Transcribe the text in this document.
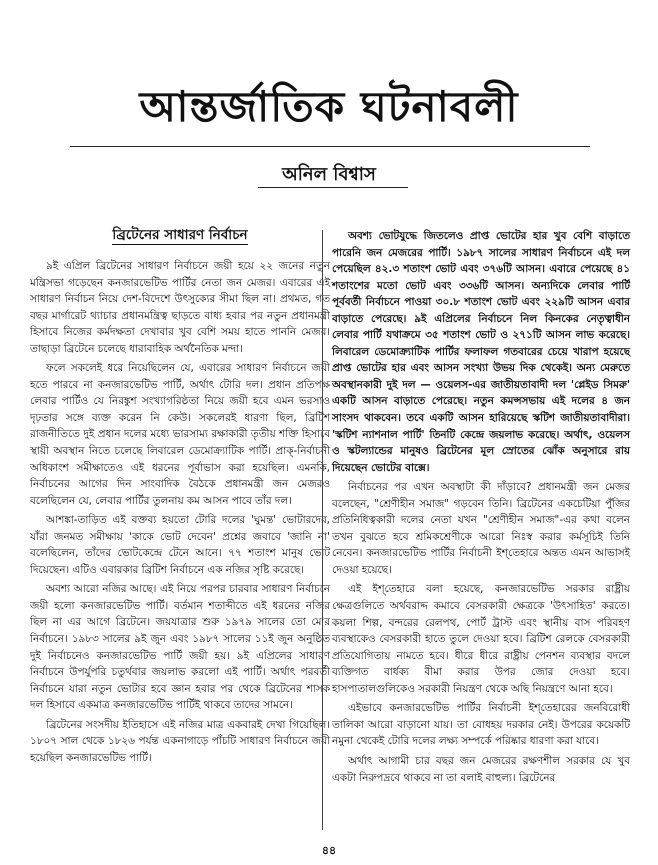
আন্তর্জাতিক ঘটনাবলী
অনিল বিশ্বাস
ব্রিটেনের সাধারণ নির্বাচন

৯ই এপ্রিল ব্রিটেনের সাধারণ নির্বাচনে জয়ী হয়ে ২২ জনের নতুন মন্ত্রিসভা গড়েছেন কনজারভেটিভ পার্টির নেতা জন মেজর। এবারের এই সাধারণ নির্বাচন নিয়ে দেশ-বিদেশে উৎসুক্যের সীমা ছিল না। প্রথমত, গত বছর মার্গারেট থ্যাচার প্রধানমন্ত্রিত্ব ছাড়তে বাধ্য হবার পর নতুন প্রধানমন্ত্রী হিসাবে নিজের কর্মদক্ষতা দেখাবার খুব বেশি সময় হাতে পাননি মেজর। তাছাড়া ব্রিটেনে চলেছে ধারাবাহিক অর্থনৈতিক মন্দা।

ফলে সকলেই ধরে নিয়েছিলেন যে, এবারের সাধারণ নির্বাচনে জয়ী হতে পারবে না কনজারভেটিভ পার্টি, অর্থাৎ টোরি দল। প্রধান প্রতিপক্ষ লেবার পার্টিও যে নিরঙ্কুশ সংখ্যাগরিষ্ঠতা নিয়ে জয়ী হবে এমন ভরসাও দৃঢ়তার সঙ্গে ব্যক্ত করেন নি কেউ। সকলেরই ধারণা ছিল, ব্রিটিশ রাজনীতিতে দুই প্রধান দলের মধ্যে ভারসাম্য রক্ষাকারী তৃতীয় শক্তি হিসাবে স্থায়ী অবস্থান নিতে চলেছে লিবারেল ডেমোক্র্যাটিক পার্টি। প্রাক্-নির্বাচনী অধিকাংশ সমীক্ষাতেও এই ধরনের পূর্বাভাস করা হয়েছিল। এমনকি, নির্বাচনের আগের দিন সাংবাদিক বৈঠকে প্রধানমন্ত্রী জন মেজরও বলেছিলেন যে, লেবার পার্টির তুলনায় কম আসন পাবে তাঁর দল।

আশঙ্কা-তাড়িত এই বক্তব্য হয়তো টোরি দলের 'ঘুমন্ত' ভোটারদের, যাঁরা জনমত সমীক্ষায় 'কাকে ভোট দেবেন' প্রশ্নের জবাবে 'জানি না' বলেছিলেন, তাঁদের ভোটকেন্দ্রে টেনে আনে। ৭৭ শতাংশ মানুষ ভোট দিয়েছেন। এটিও এবারকার ব্রিটিশ নির্বাচনে এক নজির সৃষ্টি করেছে।

অবশ্য আরো নজির আছে। এই নিয়ে পরপর চারবার সাধারণ নির্বাচনে জয়ী হলো কনজারভেটিভ পার্টি। বর্তমান শতাব্দীতে এই ধরনের নজির ছিল না এর আগে ব্রিটেনে। জয়যাত্রার শুরু ১৯৭৯ সালের তো মে'র নির্বাচনে। ১৯৮৩ সালের ৯ই জুন এবং ১৯৮৭ সালের ১১ই জুন অনুষ্ঠিত দুই নির্বাচনেও কনজারভেটিভ পার্টি জয়ী হয়। ৯ই এপ্রিলের সাধারণ নির্বাচনে উপর্যুপরি চতুর্থবার জয়লাভ করলো এই পার্টি। অর্থাৎ পরবর্তী নির্বাচনে যারা নতুন ভোটার হবে জ্ঞান হবার পর থেকে ব্রিটেনের শাসক দল হিসাবে একমাত্র কনজারভেটিভ পার্টিই থাকবে তাদের সামনে।

ব্রিটেনের সংসদীয় ইতিহাসে এই নজির মাত্র একবারই দেখা গিয়েছিল। ১৮০৭ সাল থেকে ১৮২৬ পর্যন্ত একনাগাড়ে পাঁচটি সাধারণ নির্বাচনে জয়ী হয়েছিল কনজারভেটিভ পার্টি।

অবশ্য ভোটযুদ্ধে জিতলেও প্রাপ্ত ভোটের হার খুব বেশি বাড়াতে পারেনি জন মেজরের পার্টি। ১৯৮৭ সালের সাধারণ নির্বাচনে এই দল পেয়েছিল ৪২.৩ শতাংশ ভোট এবং ৩৭৬টি আসন। এবারে পেয়েছে ৪১ শতাংশের মতো ভোট এবং ৩৩৬টি আসন। অন্যদিকে লেবার পার্টি পূর্ববর্তী নির্বাচনে পাওয়া ৩০.৮ শতাংশ ভোট এবং ২২৯টি আসন এবার বাড়াতে পেরেছে। ৯ই এপ্রিলের নির্বাচনে নিল কিনকের নেতৃত্বাধীন লেবার পার্টি যথাক্রমে ৩৫ শতাংশ ভোট ও ২৭১টি আসন লাভ করেছে। লিবারেল ডেমোক্র্যাটিক পার্টির ফলাফল গতবারের চেয়ে খারাপ হয়েছে প্রাপ্ত ভোটের হার এবং আসন সংখ্যা উভয় দিক থেকেই। অন্য মেরুতে অবস্থানকারী দুই দল — ওয়েলস-এর জাতীয়তাবাদী দল 'প্লেইড সিমরু' একটি আসন বাড়াতে পেরেছে। নতুন কমন্সসভায় এই দলের ৪ জন সাংসদ থাকবেন। তবে একটি আসন হারিয়েছে স্কটিশ জাতীয়তাবাদীরা। 'স্কটিশ ন্যাশনাল পার্টি' তিনটি কেন্দ্রে জয়লাভ করেছে। অর্থাৎ, ওয়েলস ও স্কটল্যান্ডের মানুষও ব্রিটেনের মূল স্রোতের ঝোঁক অনুসারে রায় দিয়েছেন ভোটের বাক্সে।

নির্বাচনের পর এখন অবস্থাটা কী দাঁড়াবে? প্রধানমন্ত্রী জন মেজর বলেছেন, "শ্রেণীহীন সমাজ" গড়বেন তিনি। ব্রিটেনের একচেটিয়া পুঁজির প্রতিনিধিত্বকারী দলের নেতা যখন "শ্রেণীহীন সমাজ"-এর কথা বলেন তখন বুঝতে হবে শ্রমিকশ্রেণীকে আরো নিঃস্ব করার কর্মসূচিই তিনি নেবেন। কনজারভেটিভ পার্টির নির্বাচনী ইশ্‌তেহারে অন্তত এমন আভাসই দেওয়া হয়েছে।

এই ইশ্‌তেহারে বলা হয়েছে, কনজারভেটিভ সরকার রাষ্ট্রীয় ক্ষেত্রগুলিতে অর্থবরাদ্দ কমাবে বেসরকারী ক্ষেত্রকে 'উৎসাহিত' করতে। কয়লা শিল্প, বন্দরের রেলপথ, পোর্ট ট্রাস্ট এবং স্থানীয় বাস পরিবহণ ব্যবস্থাকেও বেসরকারী হাতে তুলে দেওয়া হবে। ব্রিটিশ রেলকে বেসরকারী প্রতিযোগিতায় নামতে হবে। ধীরে ধীরে রাষ্ট্রীয় পেনশন ব্যবস্থার বদলে ব্যক্তিগত বার্ধক্য বীমা করার উপর জোর দেওয়া হবে। হাসপাতালগুলিকেও সরকারী নিয়ন্ত্রণ থেকে অছি নিয়ন্ত্রণে আনা হবে।

এইভাবে কনজারভেটিভ পার্টির নির্বাচনী ইশ্‌তেহারের জনবিরোধী তালিকা আরো বাড়ানো যায়। তা বোধহয় দরকার নেই। উপরের কয়েকটি নমুনা থেকেই টোরি দলের লক্ষ্য সম্পর্কে পরিষ্কার ধারণা করা যাবে।

অর্থাৎ আগামী চার বছর জন মেজরের রক্ষণশীল সরকার যে খুব একটা নিরুপদ্রবে থাকবে না তা বলাই বাহুল্য। ব্রিটেনের

৪৪
